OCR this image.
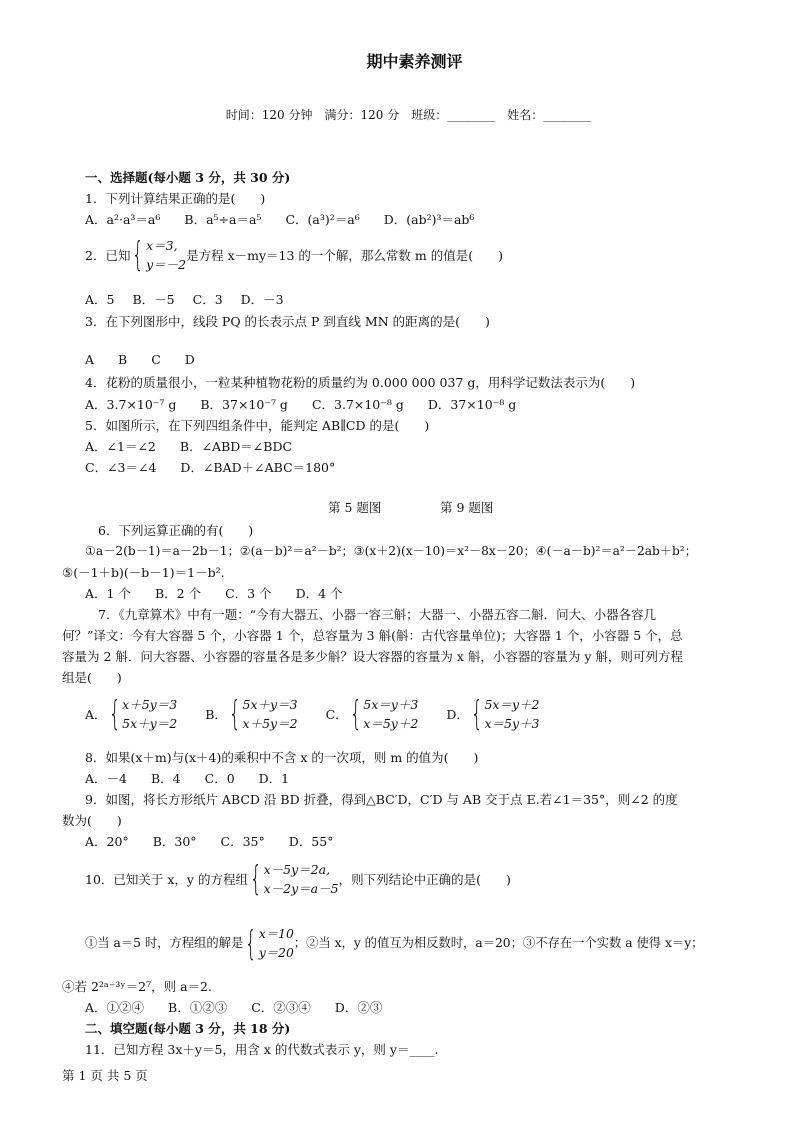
期中素养测评
时间：120 分钟　满分：120 分　班级：________　姓名：________
一、选择题(每小题 3 分，共 30 分)
1．下列计算结果正确的是(　　)
A．a²·a³＝a⁶ B．a⁵÷a＝a⁵ C．(a³)²＝a⁶ D．(ab²)³＝ab⁶
2．已知 { x＝3,
y＝－2
是方程 x－my＝13 的一个解，那么常数 m 的值是(　　)
A．5 B．－5 C．3 D．－3
3．在下列图形中，线段 PQ 的长表示点 P 到直线 MN 的距离的是(　　)
A B C D
4．花粉的质量很小，一粒某种植物花粉的质量约为 0.000 000 037 g，用科学记数法表示为(　　)
A．3.7×10⁻⁷ g B．37×10⁻⁷ g C．3.7×10⁻⁸ g D．37×10⁻⁸ g
5．如图所示，在下列四组条件中，能判定 AB∥CD 的是(　　)
A．∠1＝∠2 B．∠ABD＝∠BDC
C．∠3＝∠4 D．∠BAD＋∠ABC＝180°
第 5 题图	第 9 题图
6．下列运算正确的有(　　)
①a－2(b－1)＝a－2b－1；②(a－b)²＝a²－b²；③(x＋2)(x－10)＝x²－8x－20；④(－a－b)²＝a²－2ab＋b²；
⑤(－1＋b)(－b－1)＝1－b².
A．1 个 B．2 个 C．3 个 D．4 个
7．《九章算术》中有一题：“今有大器五、小器一容三斛；大器一、小器五容二斛．问大、小器各容几
何？”译文：今有大容器 5 个，小容器 1 个，总容量为 3 斛(斛：古代容量单位)；大容器 1 个，小容器 5 个，总
容量为 2 斛．问大容器、小容器的容量各是多少斛？设大容器的容量为 x 斛，小容器的容量为 y 斛，则可列方程
组是(　　)
A． { x＋5y＝3
5x＋y＝2
B． { 5x＋y＝3
x＋5y＝2
C． { 5x＝y＋3
x＝5y＋2
D． { 5x＝y＋2
x＝5y＋3
8．如果(x＋m)与(x＋4)的乘积中不含 x 的一次项，则 m 的值为(　　)
A．－4 B．4 C．0 D．1
9．如图，将长方形纸片 ABCD 沿 BD 折叠，得到△BC′D，C′D 与 AB 交于点 E.若∠1＝35°，则∠2 的度
数为(　　)
A．20° B．30° C．35° D．55°
10．已知关于 x，y 的方程组 { x－5y＝2a,
x－2y＝a－5
，则下列结论中正确的是(　　)
①当 a＝5 时，方程组的解是 { x＝10
y＝20
；②当 x，y 的值互为相反数时，a＝20；③不存在一个实数 a 使得 x＝y；
④若 2²ᵃ⁻³ʸ＝2⁷，则 a＝2.
A．①②④ B．①②③ C．②③④ D．②③
二、填空题(每小题 3 分，共 18 分)
11．已知方程 3x＋y＝5，用含 x 的代数式表示 y，则 y＝____.
第 1 页 共 5 页
